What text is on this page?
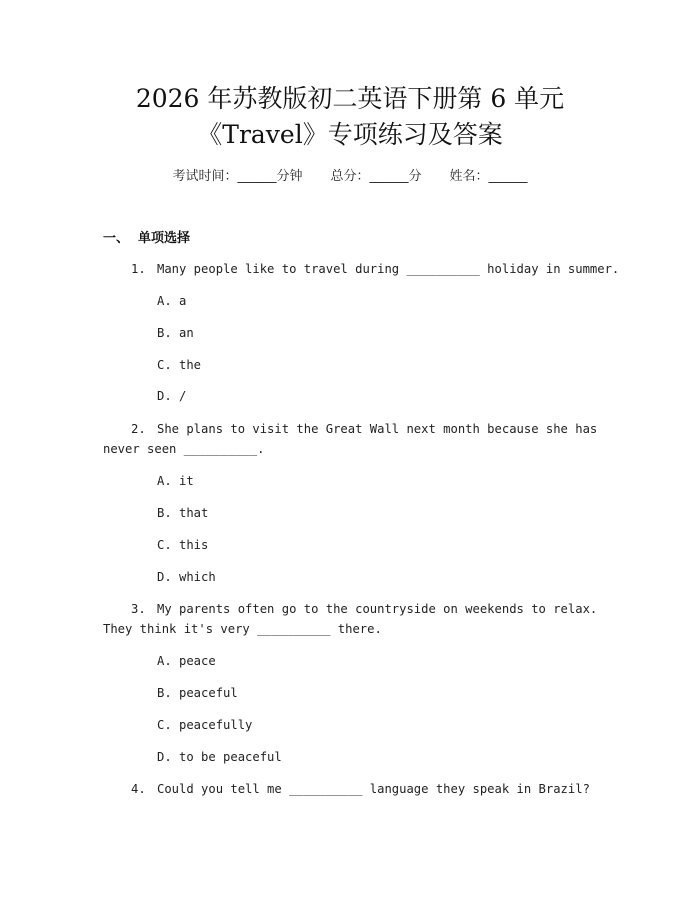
2026 年苏教版初二英语下册第 6 单元
《Travel》专项练习及答案
考试时间：______分钟 总分：______分 姓名：______
一、  单项选择
1. Many people like to travel during __________ holiday in summer.
A. a
B. an
C. the
D. /
2. She plans to visit the Great Wall next month because she has
never seen __________.
A. it
B. that
C. this
D. which
3. My parents often go to the countryside on weekends to relax.
They think it's very __________ there.
A. peace
B. peaceful
C. peacefully
D. to be peaceful
4. Could you tell me __________ language they speak in Brazil?
